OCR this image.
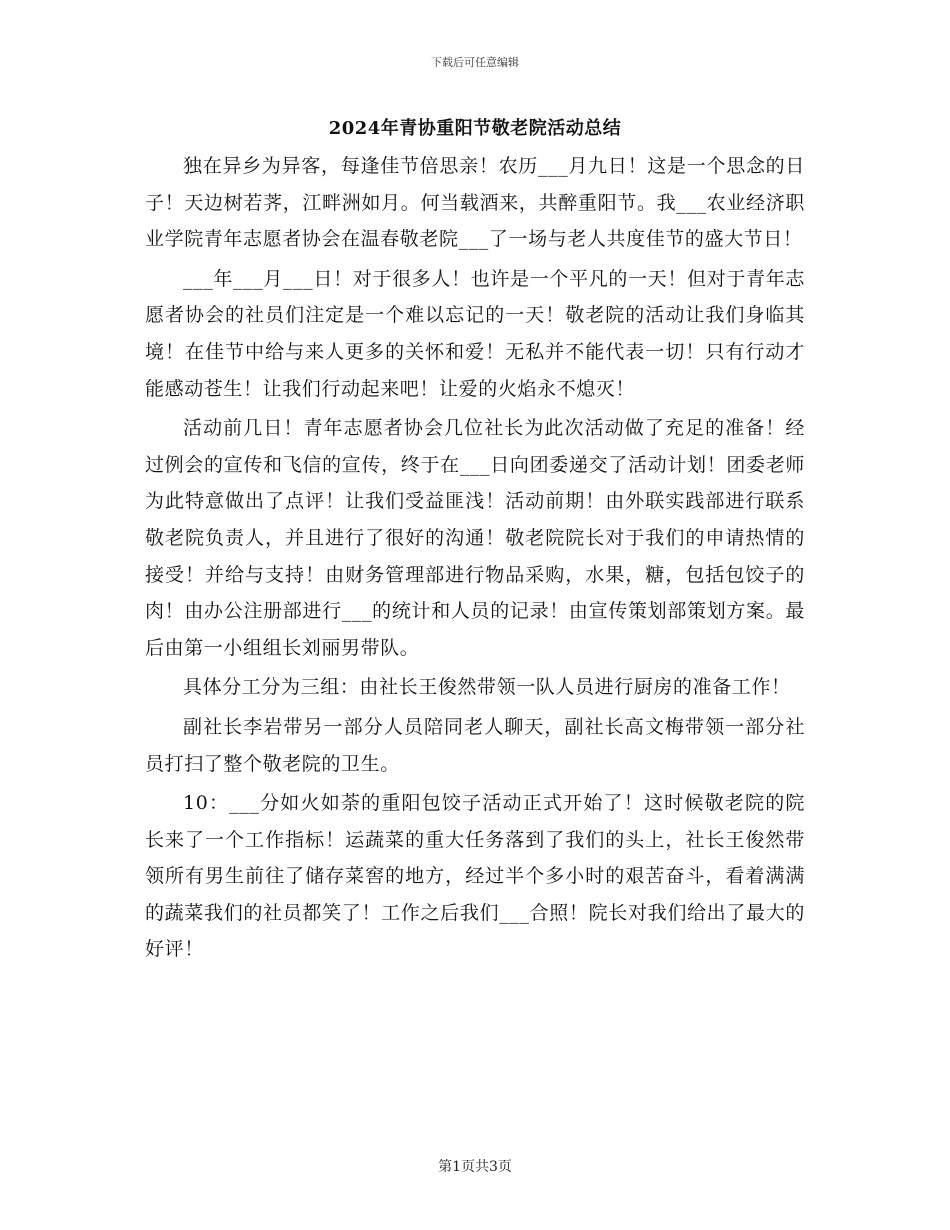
下载后可任意编辑
2024年青协重阳节敬老院活动总结

独在异乡为异客，每逢佳节倍思亲！农历___月九日！这是一个思念的日子！天边树若荠，江畔洲如月。何当载酒来，共醉重阳节。我___农业经济职业学院青年志愿者协会在温春敬老院___了一场与老人共度佳节的盛大节日！

___年___月___日！对于很多人！也许是一个平凡的一天！但对于青年志愿者协会的社员们注定是一个难以忘记的一天！敬老院的活动让我们身临其境！在佳节中给与来人更多的关怀和爱！无私并不能代表一切！只有行动才能感动苍生！让我们行动起来吧！让爱的火焰永不熄灭！

活动前几日！青年志愿者协会几位社长为此次活动做了充足的准备！经过例会的宣传和飞信的宣传，终于在___日向团委递交了活动计划！团委老师为此特意做出了点评！让我们受益匪浅！活动前期！由外联实践部进行联系敬老院负责人，并且进行了很好的沟通！敬老院院长对于我们的申请热情的接受！并给与支持！由财务管理部进行物品采购，水果，糖，包括包饺子的肉！由办公注册部进行___的统计和人员的记录！由宣传策划部策划方案。最后由第一小组组长刘丽男带队。

具体分工分为三组：由社长王俊然带领一队人员进行厨房的准备工作！

副社长李岩带另一部分人员陪同老人聊天，副社长高文梅带领一部分社员打扫了整个敬老院的卫生。

10：___分如火如荼的重阳包饺子活动正式开始了！这时候敬老院的院长来了一个工作指标！运蔬菜的重大任务落到了我们的头上，社长王俊然带领所有男生前往了储存菜窖的地方，经过半个多小时的艰苦奋斗，看着满满的蔬菜我们的社员都笑了！工作之后我们___合照！院长对我们给出了最大的好评！

第1页共3页
